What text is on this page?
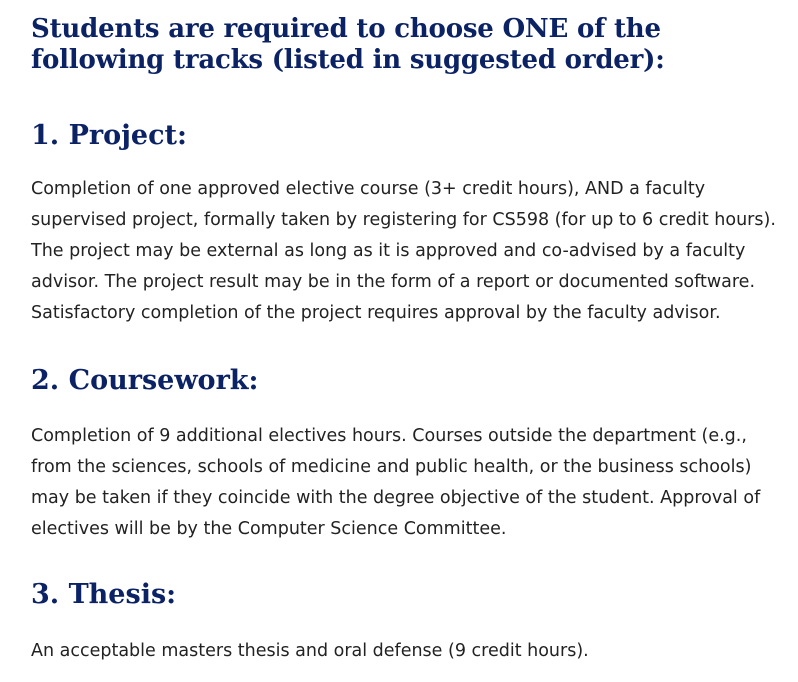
Students are required to choose ONE of the following tracks (listed in suggested order):
1. Project:

Completion of one approved elective course (3+ credit hours), AND a faculty supervised project, formally taken by registering for CS598 (for up to 6 credit hours). The project may be external as long as it is approved and co-advised by a faculty advisor. The project result may be in the form of a report or documented software. Satisfactory completion of the project requires approval by the faculty advisor.

2. Coursework:

Completion of 9 additional electives hours. Courses outside the department (e.g., from the sciences, schools of medicine and public health, or the business schools) may be taken if they coincide with the degree objective of the student. Approval of electives will be by the Computer Science Committee.

3. Thesis:

An acceptable masters thesis and oral defense (9 credit hours).
